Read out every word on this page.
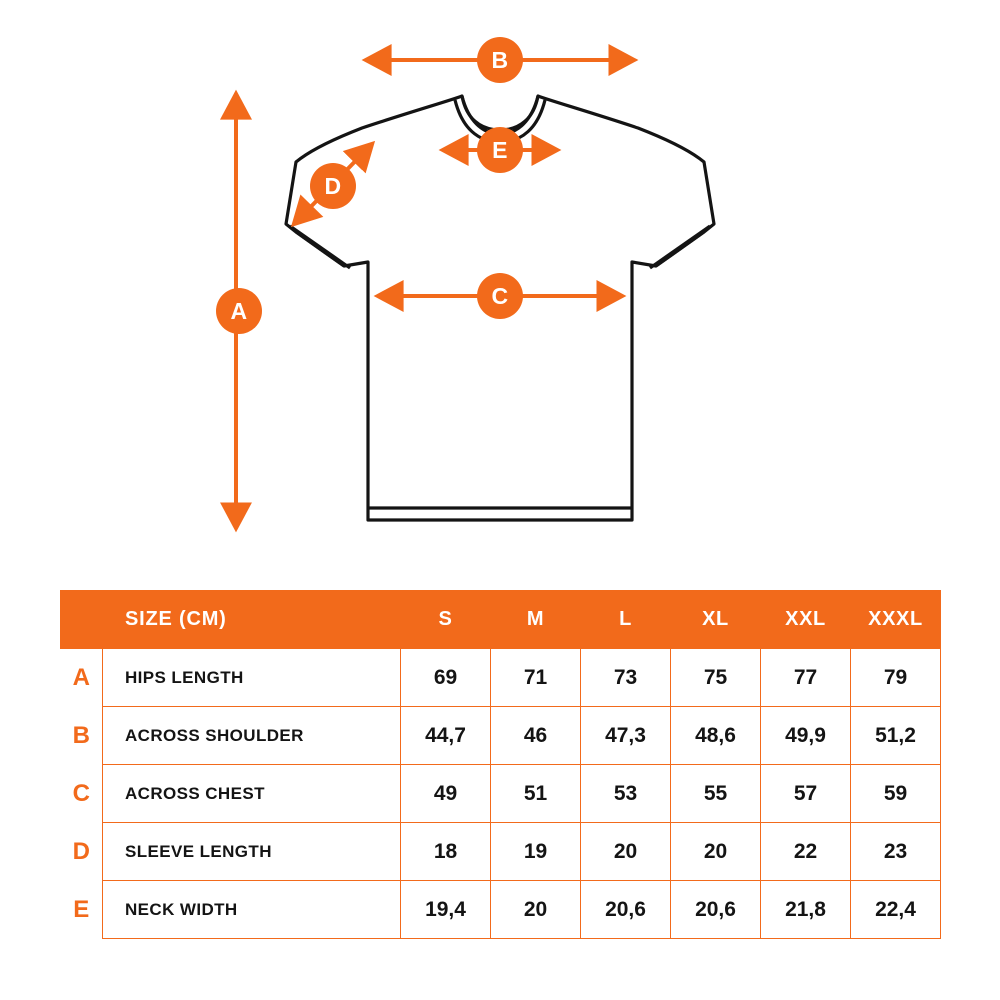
A
B
C
D
E
	SIZE (CM)	S	M	L	XL	XXL	XXXL
A	HIPS LENGTH	69	71	73	75	77	79
B	ACROSS SHOULDER	44,7	46	47,3	48,6	49,9	51,2
C	ACROSS CHEST	49	51	53	55	57	59
D	SLEEVE LENGTH	18	19	20	20	22	23
E	NECK WIDTH	19,4	20	20,6	20,6	21,8	22,4
